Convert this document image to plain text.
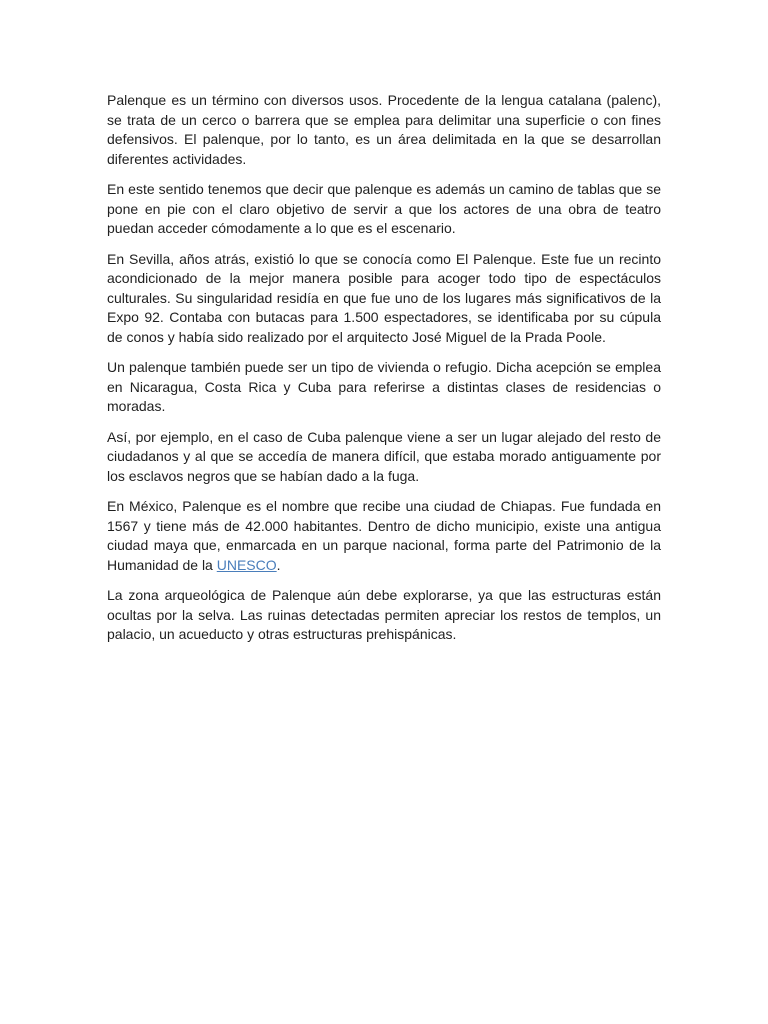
Palenque es un término con diversos usos. Procedente de la lengua catalana (palenc), se trata de un cerco o barrera que se emplea para delimitar una superficie o con fines defensivos. El palenque, por lo tanto, es un área delimitada en la que se desarrollan diferentes actividades.

En este sentido tenemos que decir que palenque es además un camino de tablas que se pone en pie con el claro objetivo de servir a que los actores de una obra de teatro puedan acceder cómodamente a lo que es el escenario.

En Sevilla, años atrás, existió lo que se conocía como El Palenque. Este fue un recinto acondicionado de la mejor manera posible para acoger todo tipo de espectáculos culturales. Su singularidad residía en que fue uno de los lugares más significativos de la Expo 92. Contaba con butacas para 1.500 espectadores, se identificaba por su cúpula de conos y había sido realizado por el arquitecto José Miguel de la Prada Poole.

Un palenque también puede ser un tipo de vivienda o refugio. Dicha acepción se emplea en Nicaragua, Costa Rica y Cuba para referirse a distintas clases de residencias o moradas.

Así, por ejemplo, en el caso de Cuba palenque viene a ser un lugar alejado del resto de ciudadanos y al que se accedía de manera difícil, que estaba morado antiguamente por los esclavos negros que se habían dado a la fuga.

En México, Palenque es el nombre que recibe una ciudad de Chiapas. Fue fundada en 1567 y tiene más de 42.000 habitantes. Dentro de dicho municipio, existe una antigua ciudad maya que, enmarcada en un parque nacional, forma parte del Patrimonio de la Humanidad de la UNESCO.

La zona arqueológica de Palenque aún debe explorarse, ya que las estructuras están ocultas por la selva. Las ruinas detectadas permiten apreciar los restos de templos, un palacio, un acueducto y otras estructuras prehispánicas.
